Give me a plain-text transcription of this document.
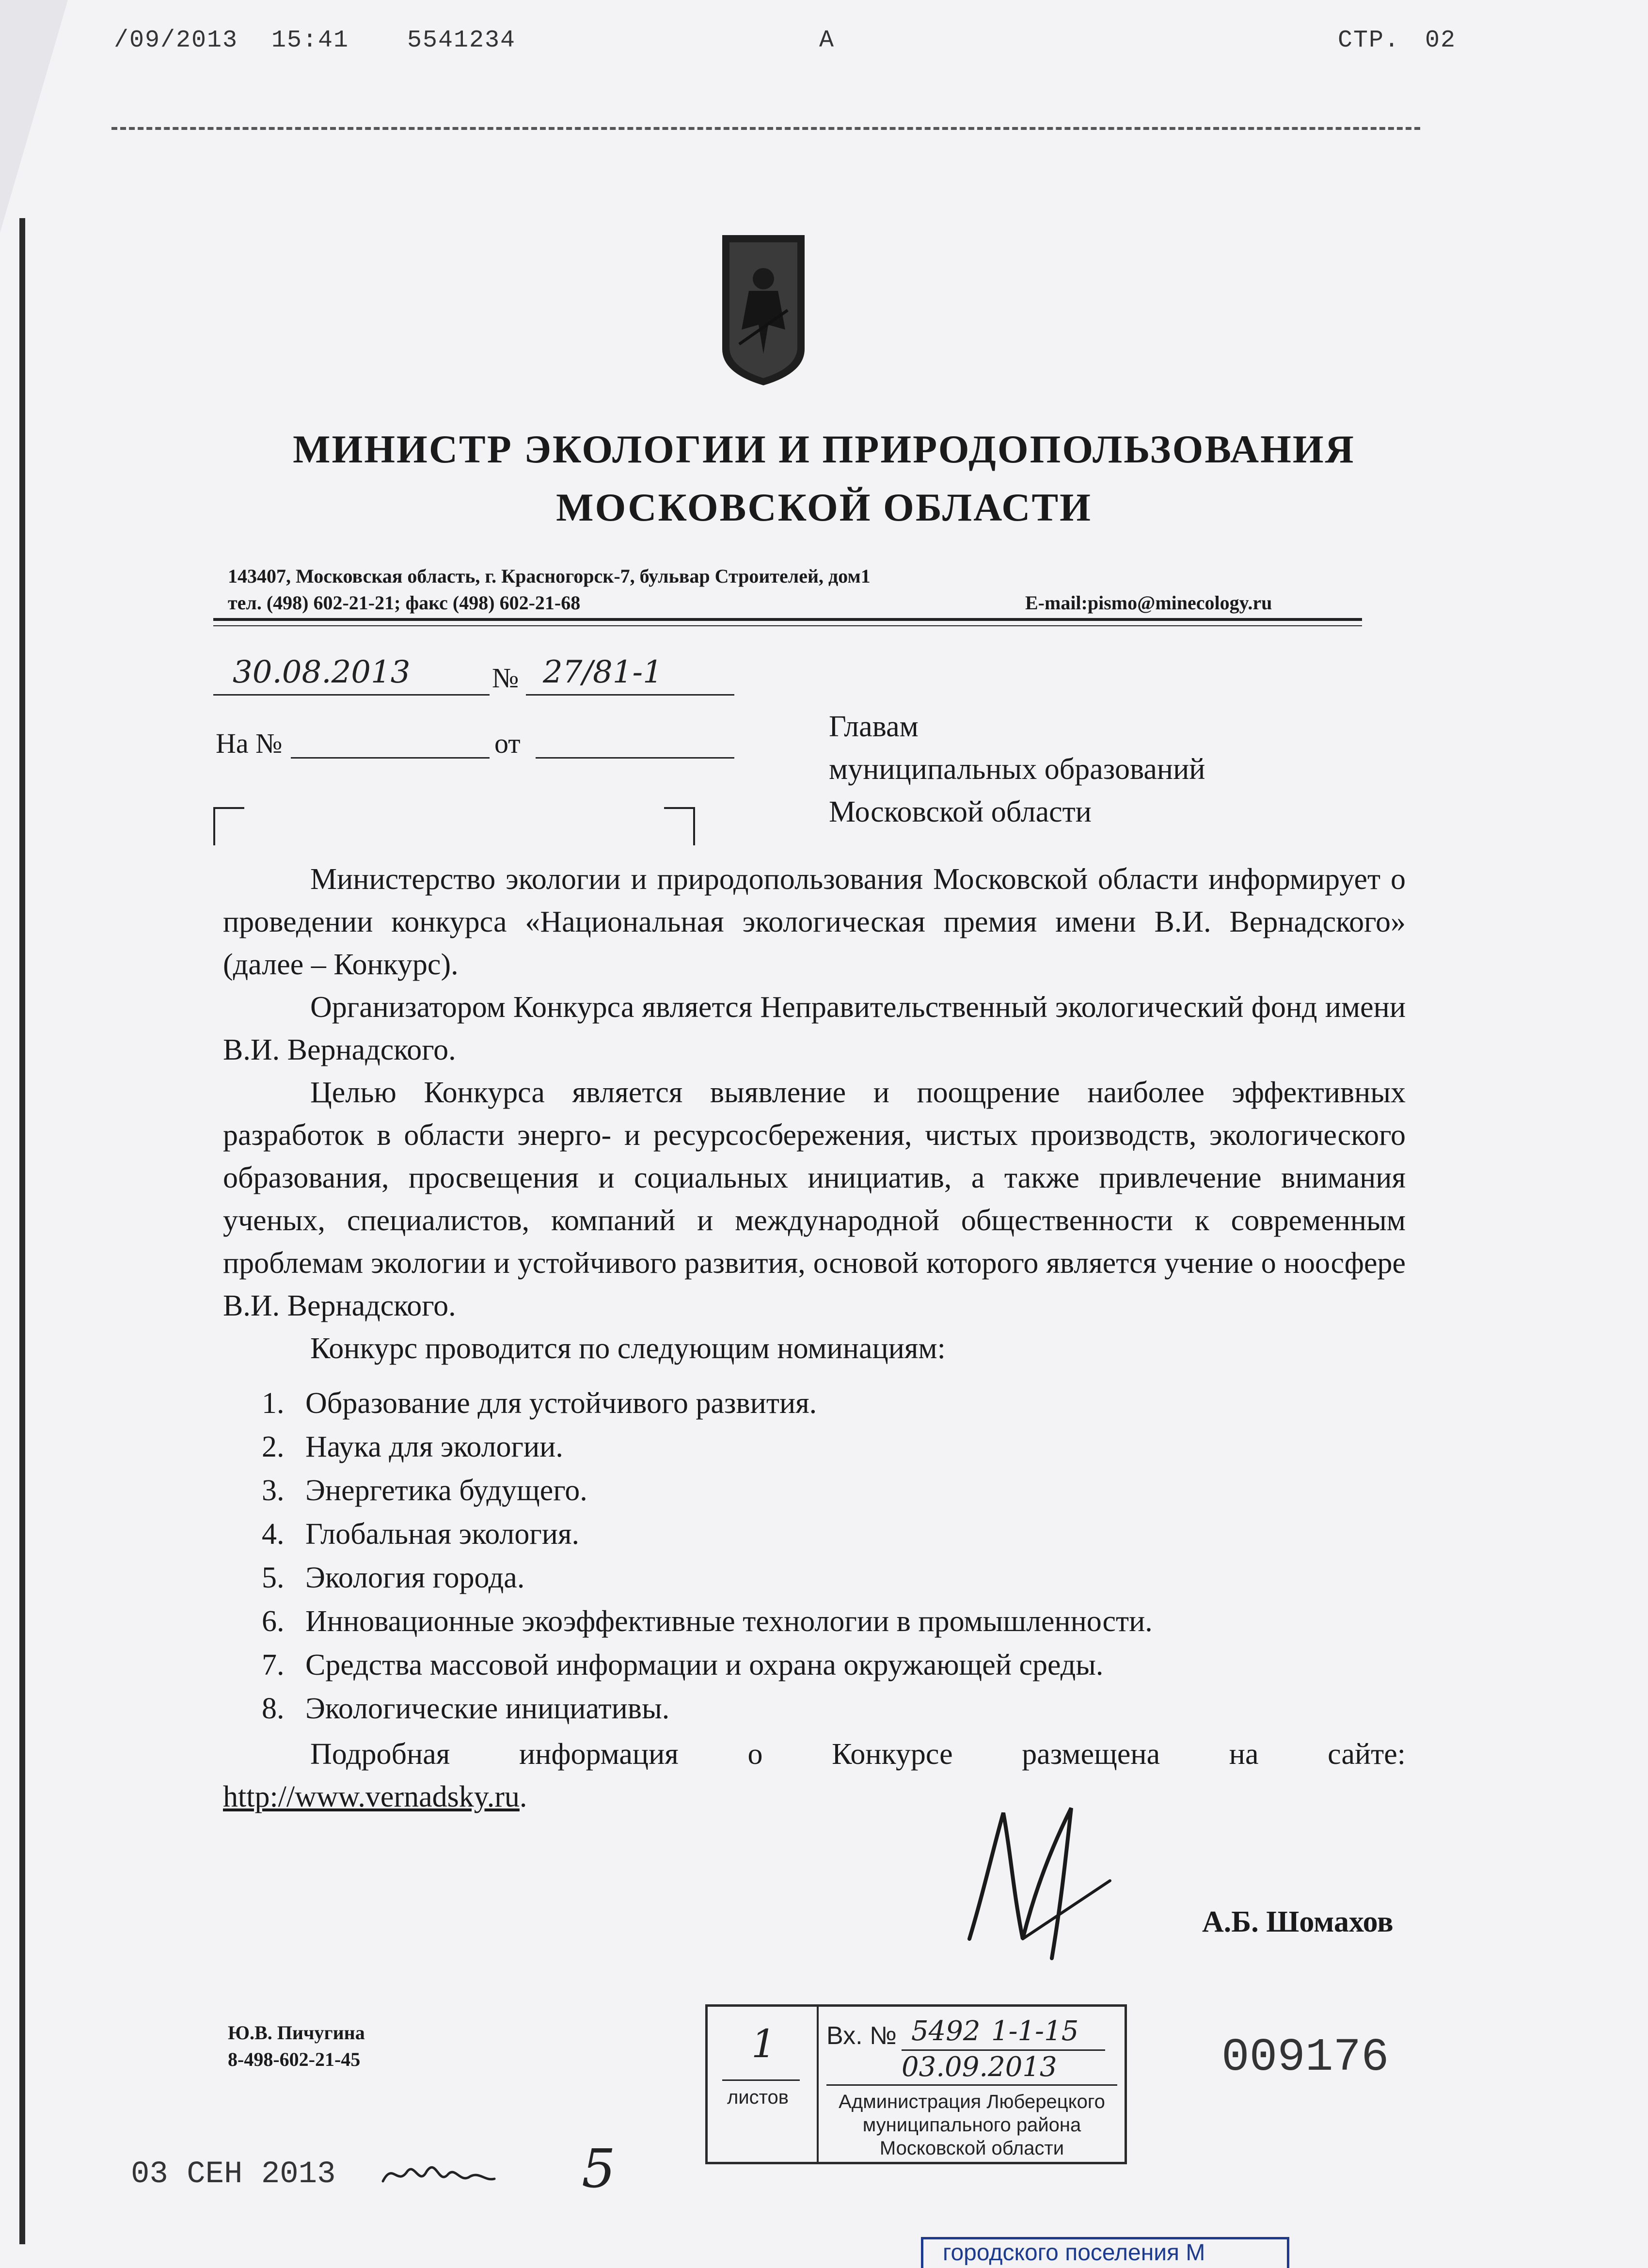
/09/2013 15:41 5541234	A	СТР. 02
МИНИСТР ЭКОЛОГИИ И ПРИРОДОПОЛЬЗОВАНИЯ
МОСКОВСКОЙ ОБЛАСТИ
143407, Московская область, г. Красногорск-7, бульвар Строителей, дом1
тел. (498) 602-21-21; факс (498) 602-21-68	E-mail:pismo@minecology.ru
30.08.2013	№ 27/81-1
На №	от
Главам
муниципальных образований
Московской области

Министерство экологии и природопользования Московской области информирует о проведении конкурса «Национальная экологическая премия имени В.И. Вернадского» (далее – Конкурс).

Организатором Конкурса является Неправительственный экологический фонд имени В.И. Вернадского.

Целью Конкурса является выявление и поощрение наиболее эффективных разработок в области энерго- и ресурсосбережения, чистых производств, экологического образования, просвещения и социальных инициатив, а также привлечение внимания ученых, специалистов, компаний и международной общественности к современным проблемам экологии и устойчивого развития, основой которого является учение о ноосфере В.И. Вернадского.

Конкурс проводится по следующим номинациям:

1. Образование для устойчивого развития.
2. Наука для экологии.
3. Энергетика будущего.
4. Глобальная экология.
5. Экология города.
6. Инновационные экоэффективные технологии в промышленности.
7. Средства массовой информации и охрана окружающей среды.
8. Экологические инициативы.

Подробная информация о Конкурсе размещена на сайте:

http://www.vernadsky.ru.

А.Б. Шомахов
Ю.В. Пичугина
8-498-602-21-45	1
листов
Вх. № 5492 1-1-15
03.09.2013
Администрация Люберецкого
муниципального района
Московской области
009176
03 СЕН 2013	5
городского поселения М
